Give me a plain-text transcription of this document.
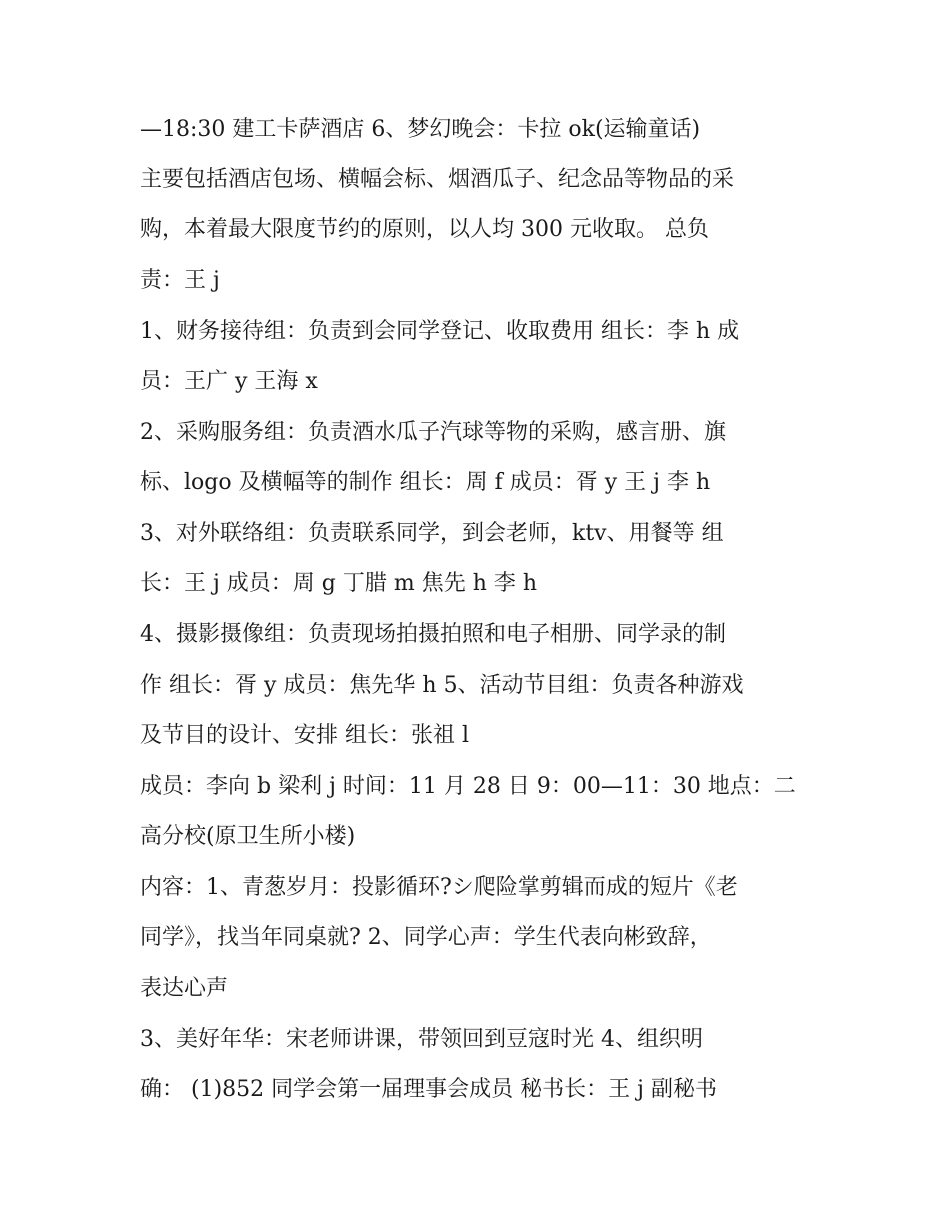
—18:30 建工卡萨酒店 6、梦幻晚会：卡拉 ok(运输童话)

主要包括酒店包场、横幅会标、烟酒瓜子、纪念品等物品的采

购，本着最大限度节约的原则，以人均 300 元收取。 总负

责：王 j

1、财务接待组：负责到会同学登记、收取费用 组长：李 h 成

员：王广 y 王海 x

2、采购服务组：负责酒水瓜子汽球等物的采购，感言册、旗

标、logo 及横幅等的制作 组长：周 f 成员：胥 y 王 j 李 h

3、对外联络组：负责联系同学，到会老师，ktv、用餐等 组

长：王 j 成员：周 g 丁腊 m 焦先 h 李 h

4、摄影摄像组：负责现场拍摄拍照和电子相册、同学录的制

作 组长：胥 y 成员：焦先华 h 5、活动节目组：负责各种游戏

及节目的设计、安排 组长：张祖 l

成员：李向 b 梁利 j 时间：11 月 28 日 9：00—11：30 地点：二

高分校(原卫生所小楼)

内容：1、青葱岁月：投影循环?シ爬险掌剪辑而成的短片《老

同学》，找当年同桌就? 2、同学心声：学生代表向彬致辞，

表达心声

3、美好年华：宋老师讲课，带领回到豆寇时光 4、组织明

确： (1)852 同学会第一届理事会成员 秘书长：王 j 副秘书
